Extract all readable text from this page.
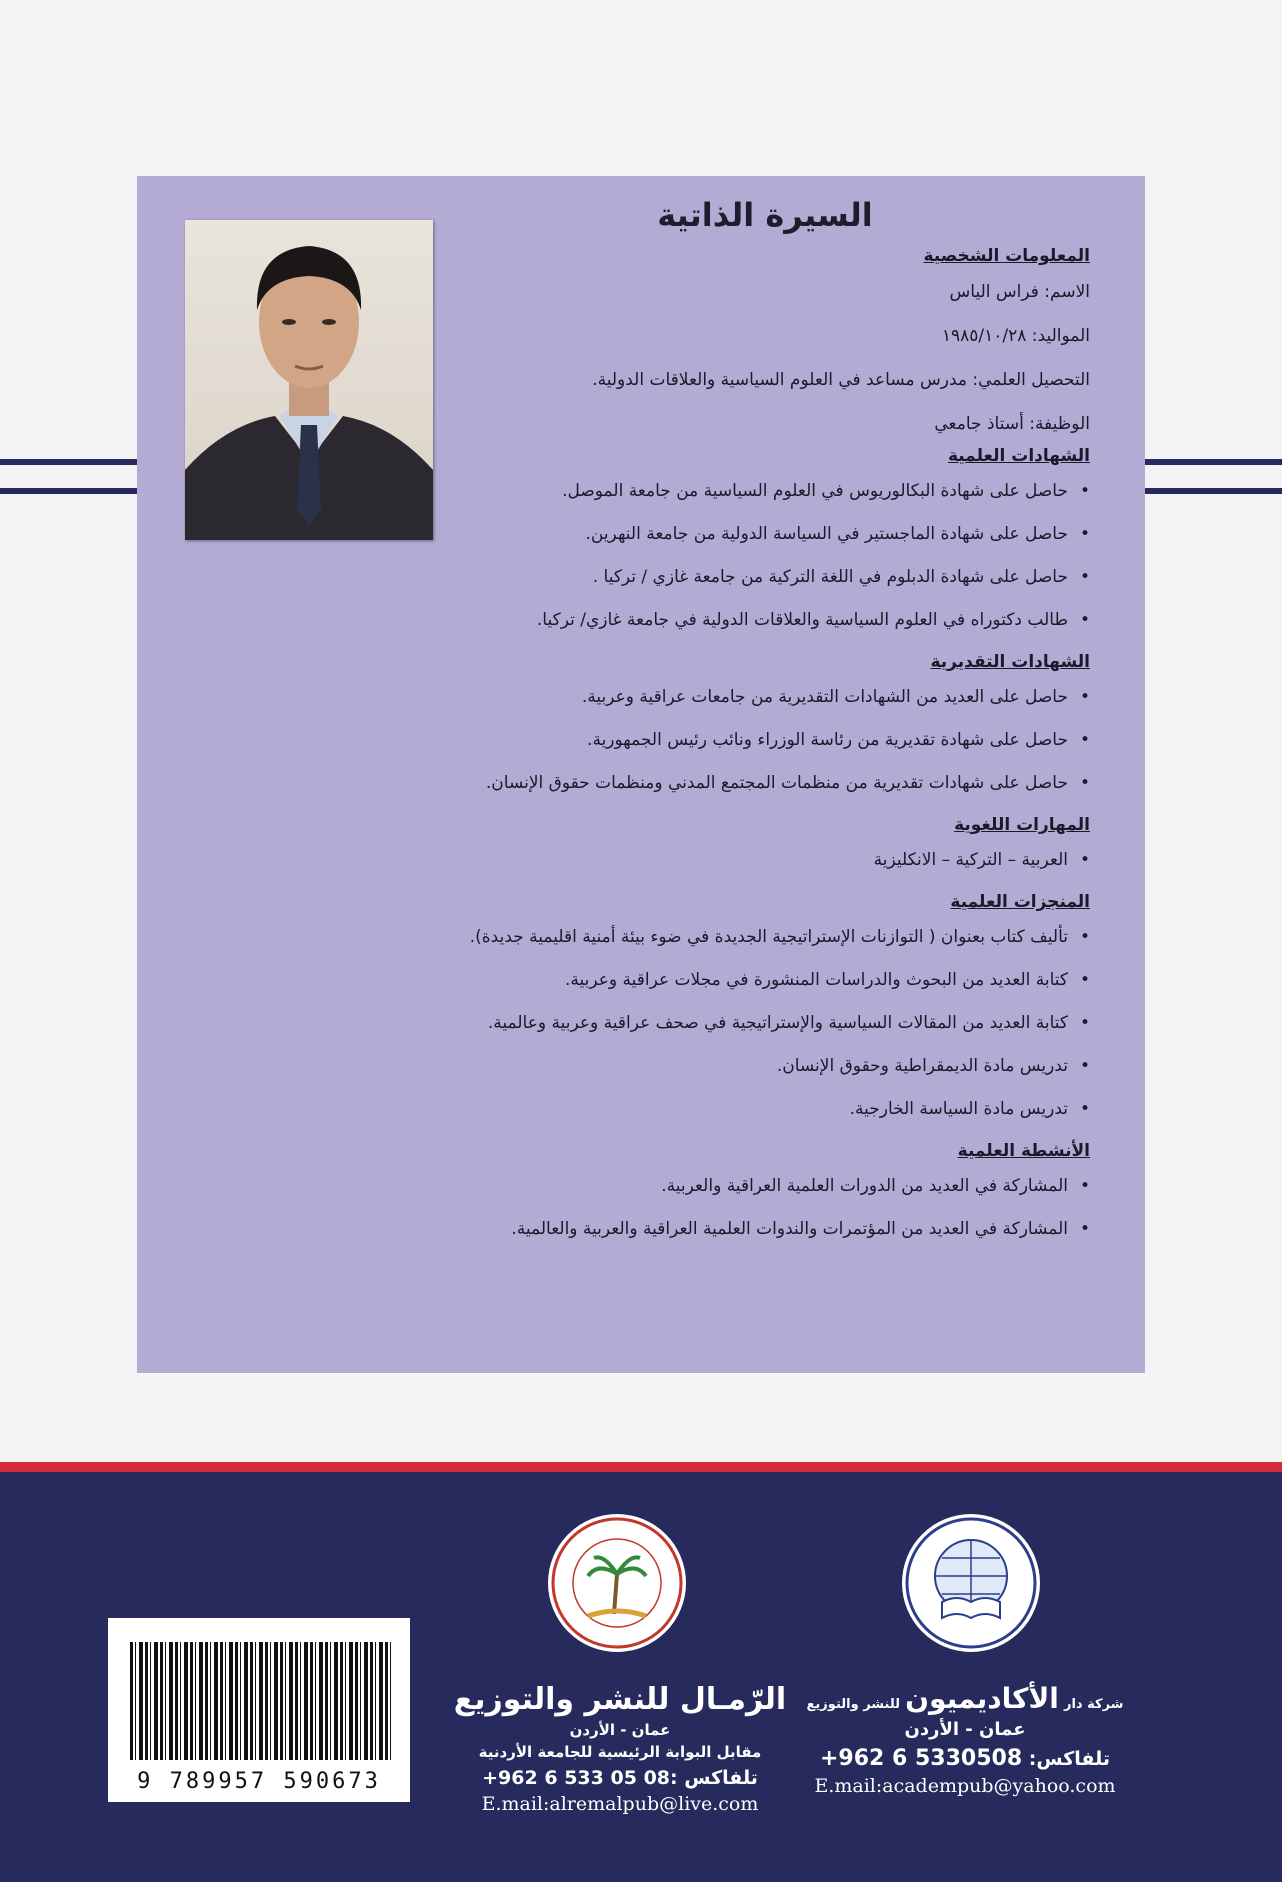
السيرة الذاتية
المعلومات الشخصية

الاسم: فراس الياس

المواليد: ١٩٨٥/١٠/٢٨

التحصيل العلمي: مدرس مساعد في العلوم السياسية والعلاقات الدولية.

الوظيفة: أستاذ جامعي

الشهادات العلمية
• حاصل على شهادة البكالوريوس في العلوم السياسية من جامعة الموصل.
• حاصل على شهادة الماجستير في السياسة الدولية من جامعة النهرين.
• حاصل على شهادة الدبلوم في اللغة التركية من جامعة غازي / تركيا .
• طالب دكتوراه في العلوم السياسية والعلاقات الدولية في جامعة غازي/ تركيا.
الشهادات التقديرية
• حاصل على العديد من الشهادات التقديرية من جامعات عراقية وعربية.
• حاصل على شهادة تقديرية من رئاسة الوزراء ونائب رئيس الجمهورية.
• حاصل على شهادات تقديرية من منظمات المجتمع المدني ومنظمات حقوق الإنسان.
المهارات اللغوية
• العربية – التركية – الانكليزية
المنجزات العلمية
• تأليف كتاب بعنوان ( التوازنات الإستراتيجية الجديدة في ضوء بيئة أمنية اقليمية جديدة).
• كتابة العديد من البحوث والدراسات المنشورة في مجلات عراقية وعربية.
• كتابة العديد من المقالات السياسية والإستراتيجية في صحف عراقية وعربية وعالمية.
• تدريس مادة الديمقراطية وحقوق الإنسان.
• تدريس مادة السياسة الخارجية.
الأنشطة العلمية
• المشاركة في العديد من الدورات العلمية العراقية والعربية.
• المشاركة في العديد من المؤتمرات والندوات العلمية العراقية والعربية والعالمية.
9 789957 590673
الرّمـال للنشر والتوزيع
عمان - الأردن
مقابل البوابة الرئيسية للجامعة الأردنية
تلفاكس :08 05 533 6 962+
E.mail:alremalpub@live.com
شركة دار الأكاديميون للنشر والتوزيع
عمان - الأردن
تلفاكس: +962 6 5330508
E.mail:academpub@yahoo.com
